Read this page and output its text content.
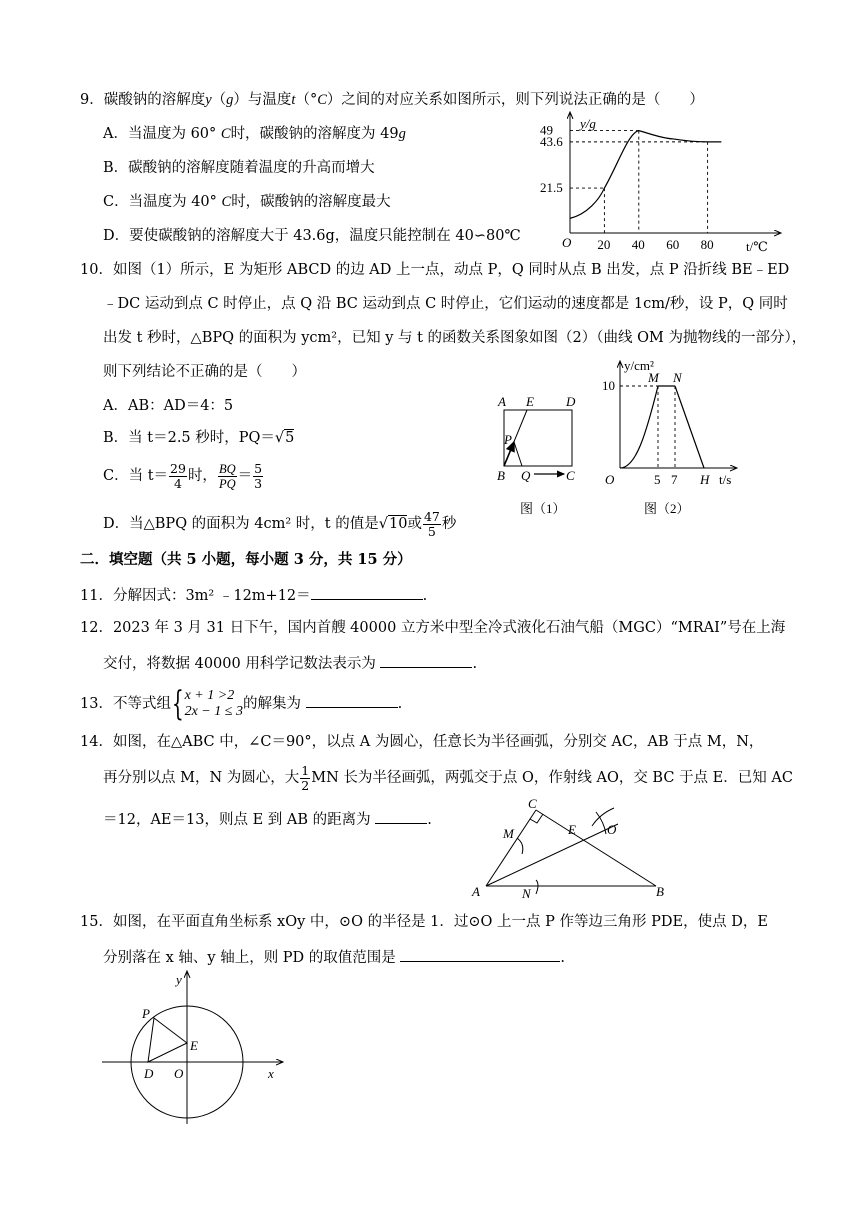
9．碳酸钠的溶解度y（g）与温度t（°C）之间的对应关系如图所示，则下列说法正确的是（　　）
A．当温度为 60° C时，碳酸钠的溶解度为 49g
B．碳酸钠的溶解度随着温度的升高而增大
C．当温度为 40° C时，碳酸钠的溶解度最大
D．要使碳酸钠的溶解度大于 43.6g，温度只能控制在 40∽80℃
49
43.6
21.5
20 40 60 80
y/g
t/℃
O
10．如图（1）所示，E 为矩形 ABCD 的边 AD 上一点，动点 P，Q 同时从点 B 出发，点 P 沿折线 BE﹣ED
﹣DC 运动到点 C 时停止，点 Q 沿 BC 运动到点 C 时停止，它们运动的速度都是 1cm/秒，设 P，Q 同时
出发 t 秒时，△BPQ 的面积为 ycm²，已知 y 与 t 的函数关系图象如图（2）（曲线 OM 为抛物线的一部分），
则下列结论不正确的是（　　）
A．AB：AD＝4：5
B．当 t＝2.5 秒时，PQ＝√5
C．当 $t= \frac{29}{4}$ 时， $\frac{BQ}{PQ} = \frac{5}{3}$
D．当△BPQ 的面积为 4cm² 时，t 的值是√10或 $\frac{47}{5}$ 秒
A E D
P
B Q	C
图（1）
y/cm²
t/s
M N
10
O	5 7 H
图（2）
二．填空题（共 5 小题，每小题 3 分，共 15 分）
11．分解因式：3m² ﹣12m+12＝	.
12．2023 年 3 月 31 日下午，国内首艘 40000 立方米中型全冷式液化石油气船（MGC）“MRAI”号在上海
交付，将数据 40000 用科学记数法表示为	.
13．不等式组{ x + 1 >2
2x − 1 ≤ 3 的解集为	.
14．如图，在△ABC 中，∠C＝90°，以点 A 为圆心，任意长为半径画弧，分别交 AC，AB 于点 M，N，
再分别以点 M，N 为圆心，大 $\frac{1}{2}$ MN 长为半径画弧，两弧交于点 O，作射线 AO，交 BC 于点 E．已知 AC
＝12，AE＝13，则点 E 到 AB 的距离为	.
A	B
C
M
N
E O
15．如图，在平面直角坐标系 xOy 中，⊙O 的半径是 1．过⊙O 上一点 P 作等边三角形 PDE，使点 D，E
分别落在 x 轴、y 轴上，则 PD 的取值范围是	.
y
x
P
E
D O
